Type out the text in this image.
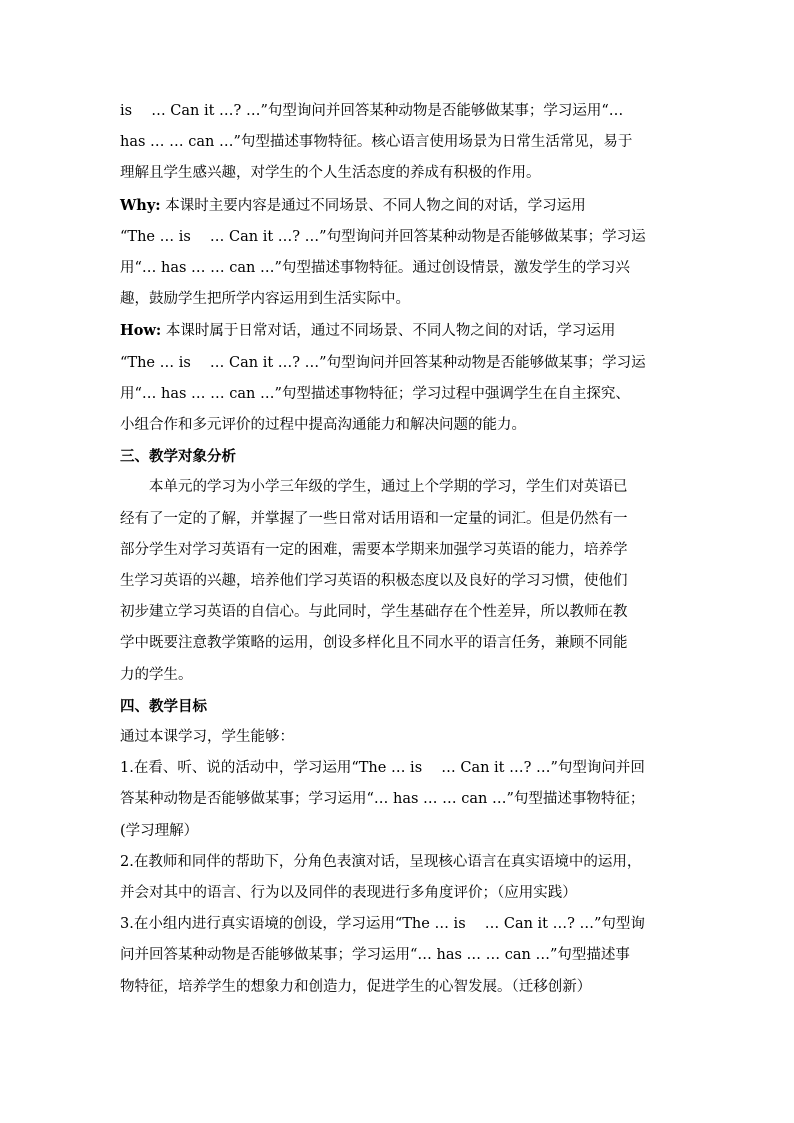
is　 … Can it …? …”句型询问并回答某种动物是否能够做某事；学习运用“…
has … … can …”句型描述事物特征。核心语言使用场景为日常生活常见，易于
理解且学生感兴趣，对学生的个人生活态度的养成有积极的作用。
Why: 本课时主要内容是通过不同场景、不同人物之间的对话，学习运用
“The … is 　… Can it …? …”句型询问并回答某种动物是否能够做某事；学习运
用“… has … … can …”句型描述事物特征。通过创设情景，激发学生的学习兴
趣，鼓励学生把所学内容运用到生活实际中。
How: 本课时属于日常对话，通过不同场景、不同人物之间的对话，学习运用
“The … is 　… Can it …? …”句型询问并回答某种动物是否能够做某事；学习运
用“… has … … can …”句型描述事物特征；学习过程中强调学生在自主探究、
小组合作和多元评价的过程中提高沟通能力和解决问题的能力。
三、教学对象分析
本单元的学习为小学三年级的学生，通过上个学期的学习，学生们对英语已
经有了一定的了解，并掌握了一些日常对话用语和一定量的词汇。但是仍然有一
部分学生对学习英语有一定的困难，需要本学期来加强学习英语的能力，培养学
生学习英语的兴趣，培养他们学习英语的积极态度以及良好的学习习惯，使他们
初步建立学习英语的自信心。与此同时，学生基础存在个性差异，所以教师在教
学中既要注意教学策略的运用，创设多样化且不同水平的语言任务，兼顾不同能
力的学生。
四、教学目标
通过本课学习，学生能够：
1.在看、听、说的活动中，学习运用“The … is 　… Can it …? …”句型询问并回
答某种动物是否能够做某事；学习运用“… has … … can …”句型描述事物特征；
(学习理解）
2.在教师和同伴的帮助下，分角色表演对话，呈现核心语言在真实语境中的运用，
并会对其中的语言、行为以及同伴的表现进行多角度评价；（应用实践）
3.在小组内进行真实语境的创设，学习运用“The … is 　… Can it …? …”句型询
问并回答某种动物是否能够做某事；学习运用“… has … … can …”句型描述事
物特征，培养学生的想象力和创造力，促进学生的心智发展。（迁移创新）
